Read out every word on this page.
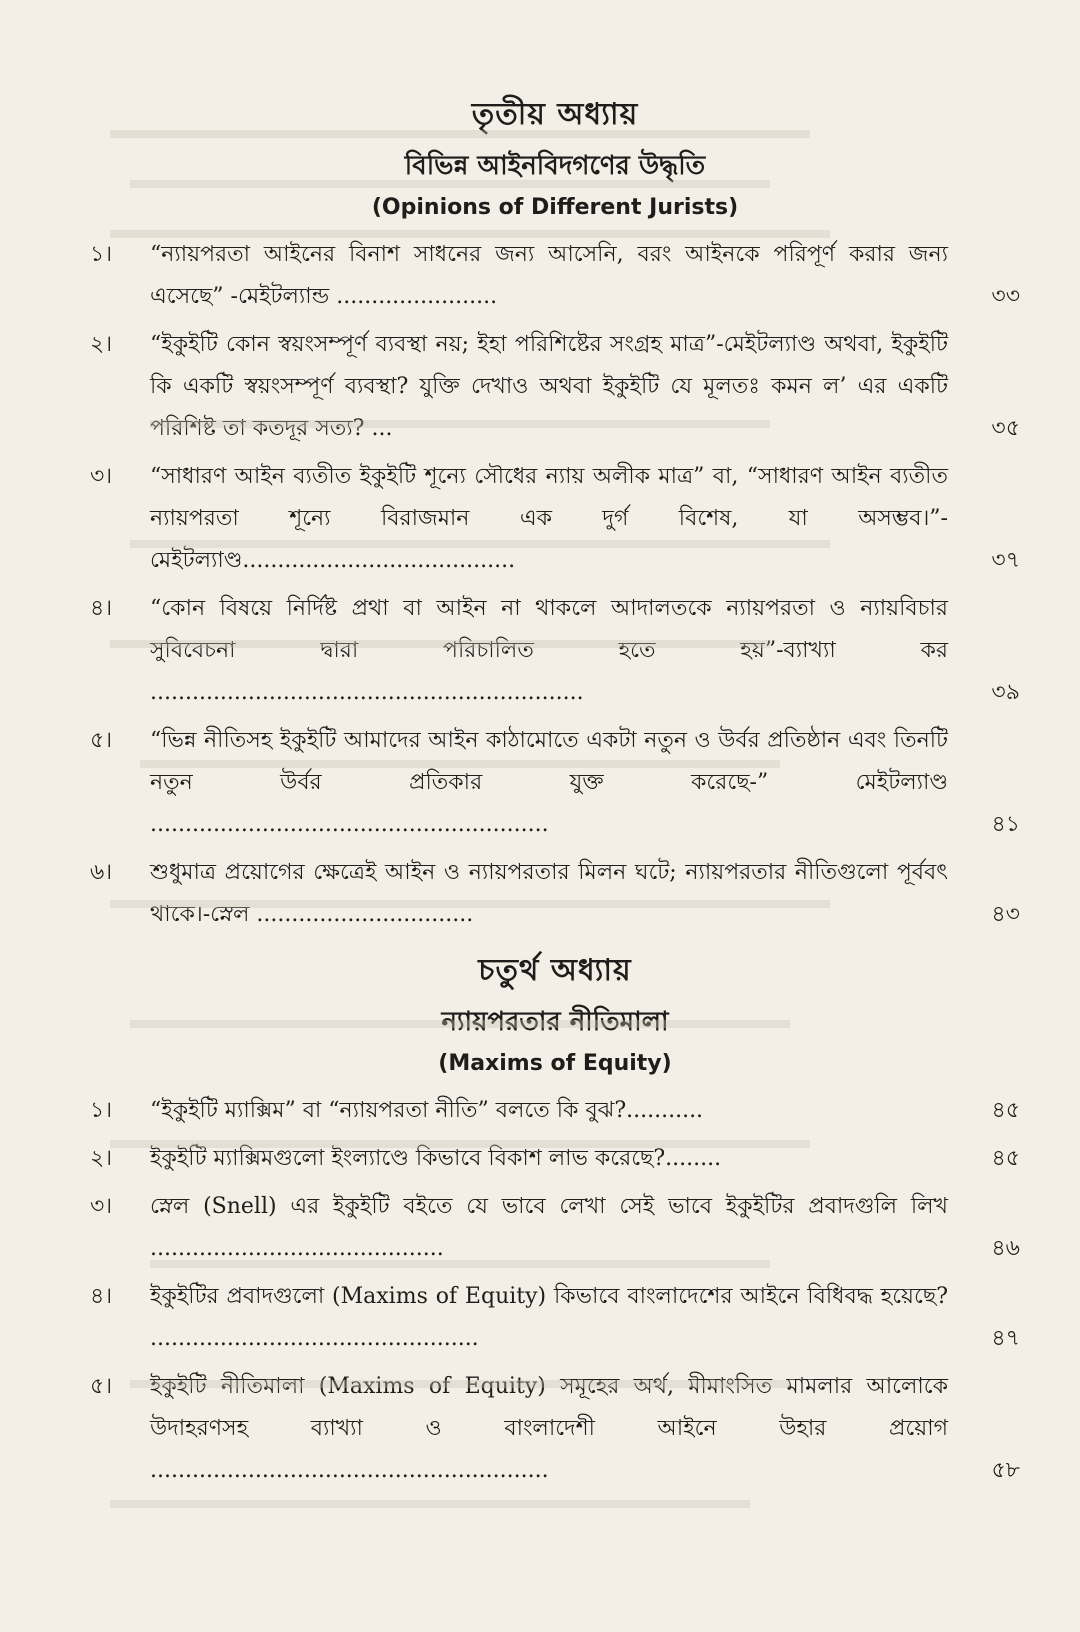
তৃতীয় অধ্যায়
বিভিন্ন আইনবিদগণের উদ্ধৃতি
(Opinions of Different Jurists)
১।	“ন্যায়পরতা আইনের বিনাশ সাধনের জন্য আসেনি, বরং আইনকে পরিপূর্ণ করার জন্য এসেছে” -মেইটল্যান্ড .......................	৩৩
২।	“ইকুইটি কোন স্বয়ংসম্পূর্ণ ব্যবস্থা নয়; ইহা পরিশিষ্টের সংগ্রহ মাত্র”-মেইটল্যাণ্ড অথবা, ইকুইটি কি একটি স্বয়ংসম্পূর্ণ ব্যবস্থা? যুক্তি দেখাও অথবা ইকুইটি যে মূলতঃ কমন ল’ এর একটি পরিশিষ্ট তা কতদূর সত্য? ...	৩৫
৩।	“সাধারণ আইন ব্যতীত ইকুইটি শূন্যে সৌধের ন্যায় অলীক মাত্র” বা, “সাধারণ আইন ব্যতীত ন্যায়পরতা শূন্যে বিরাজমান এক দুর্গ বিশেষ, যা অসম্ভব।”-মেইটল্যাণ্ড.......................................	৩৭
৪।	“কোন বিষয়ে নির্দিষ্ট প্রথা বা আইন না থাকলে আদালতকে ন্যায়পরতা ও ন্যায়বিচার সুবিবেচনা দ্বারা পরিচালিত হতে হয়”-ব্যাখ্যা কর ..............................................................	৩৯
৫।	“ভিন্ন নীতিসহ ইকুইটি আমাদের আইন কাঠামোতে একটা নতুন ও উর্বর প্রতিষ্ঠান এবং তিনটি নতুন উর্বর প্রতিকার যুক্ত করেছে-” মেইটল্যাণ্ড .........................................................	৪১
৬।	শুধুমাত্র প্রয়োগের ক্ষেত্রেই আইন ও ন্যায়পরতার মিলন ঘটে; ন্যায়পরতার নীতিগুলো পূর্ববৎ থাকে।-স্নেল ...............................	৪৩
চতুর্থ অধ্যায়
ন্যায়পরতার নীতিমালা
(Maxims of Equity)
১।	“ইকুইটি ম্যাক্সিম” বা “ন্যায়পরতা নীতি” বলতে কি বুঝ?...........	৪৫
২।	ইকুইটি ম্যাক্সিমগুলো ইংল্যাণ্ডে কিভাবে বিকাশ লাভ করেছে?........	৪৫
৩।	স্নেল (Snell) এর ইকুইটি বইতে যে ভাবে লেখা সেই ভাবে ইকুইটির প্রবাদগুলি লিখ ..........................................	৪৬
৪।	ইকুইটির প্রবাদগুলো (Maxims of Equity) কিভাবে বাংলাদেশের আইনে বিধিবদ্ধ হয়েছে? ...............................................	৪৭
৫।	ইকুইটি নীতিমালা (Maxims of Equity) সমূহের অর্থ, মীমাংসিত মামলার আলোকে উদাহরণসহ ব্যাখ্যা ও বাংলাদেশী আইনে উহার প্রয়োগ .........................................................	৫৮
